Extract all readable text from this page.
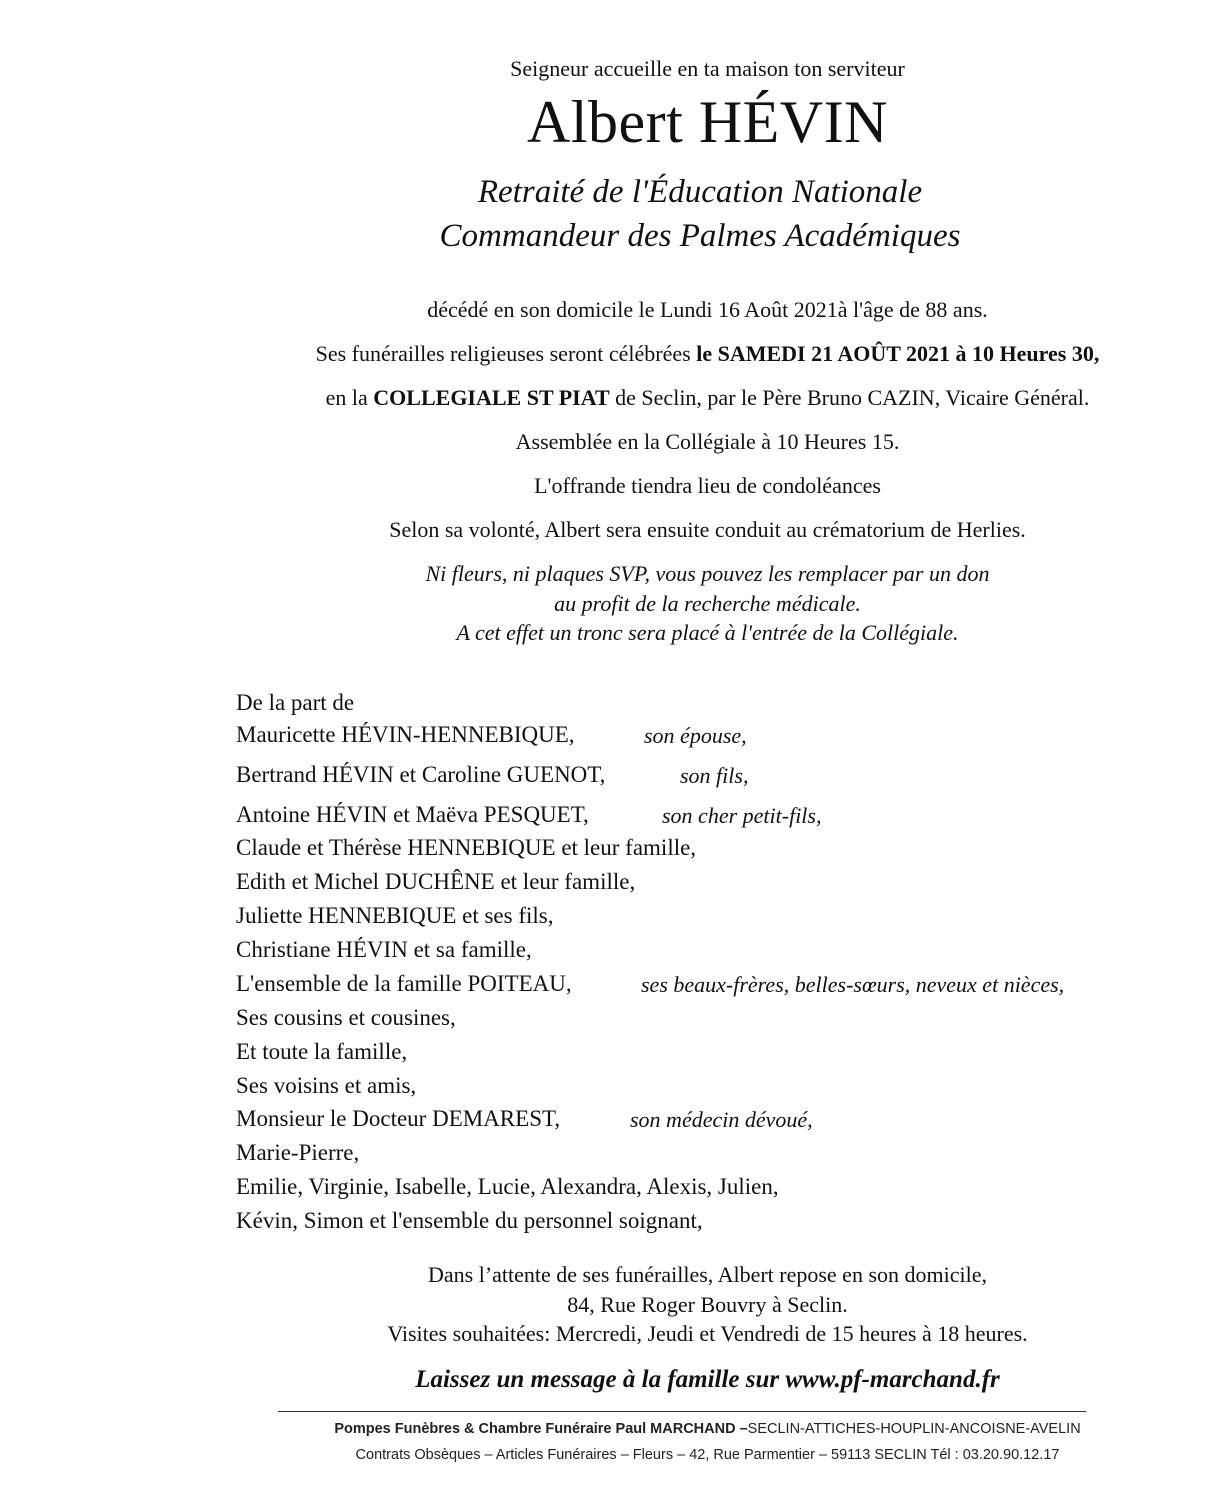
Seigneur accueille en ta maison ton serviteur
Albert HÉVIN
Retraité de l'Éducation Nationale
Commandeur des Palmes Académiques
décédé en son domicile le Lundi 16 Août 2021à l'âge de 88 ans.
Ses funérailles religieuses seront célébrées le SAMEDI 21 AOÛT 2021 à 10 Heures 30,
en la COLLEGIALE ST PIAT de Seclin, par le Père Bruno CAZIN, Vicaire Général.
Assemblée en la Collégiale à 10 Heures 15.
L'offrande tiendra lieu de condoléances
Selon sa volonté, Albert sera ensuite conduit au crématorium de Herlies.
Ni fleurs, ni plaques SVP, vous pouvez les remplacer par un don
au profit de la recherche médicale.
A cet effet un tronc sera placé à l'entrée de la Collégiale.
De la part de
Mauricette HÉVIN-HENNEBIQUE,	son épouse,
Bertrand HÉVIN et Caroline GUENOT,	son fils,
Antoine HÉVIN et Maëva PESQUET,	son cher petit-fils,
Claude et Thérèse HENNEBIQUE et leur famille,
Edith et Michel DUCHÊNE et leur famille,
Juliette HENNEBIQUE et ses fils,
Christiane HÉVIN et sa famille,
L'ensemble de la famille POITEAU,	ses beaux-frères, belles-sœurs, neveux et nièces,
Ses cousins et cousines,
Et toute la famille,
Ses voisins et amis,
Monsieur le Docteur DEMAREST,	son médecin dévoué,
Marie-Pierre,
Emilie, Virginie, Isabelle, Lucie, Alexandra, Alexis, Julien,
Kévin, Simon et l'ensemble du personnel soignant,
Dans l’attente de ses funérailles, Albert repose en son domicile,
84, Rue Roger Bouvry à Seclin.
Visites souhaitées: Mercredi, Jeudi et Vendredi de 15 heures à 18 heures.
Laissez un message à la famille sur www.pf-marchand.fr
Pompes Funèbres & Chambre Funéraire Paul MARCHAND –SECLIN-ATTICHES-HOUPLIN-ANCOISNE-AVELIN
Contrats Obsèques – Articles Funéraires – Fleurs – 42, Rue Parmentier – 59113 SECLIN Tél : 03.20.90.12.17
